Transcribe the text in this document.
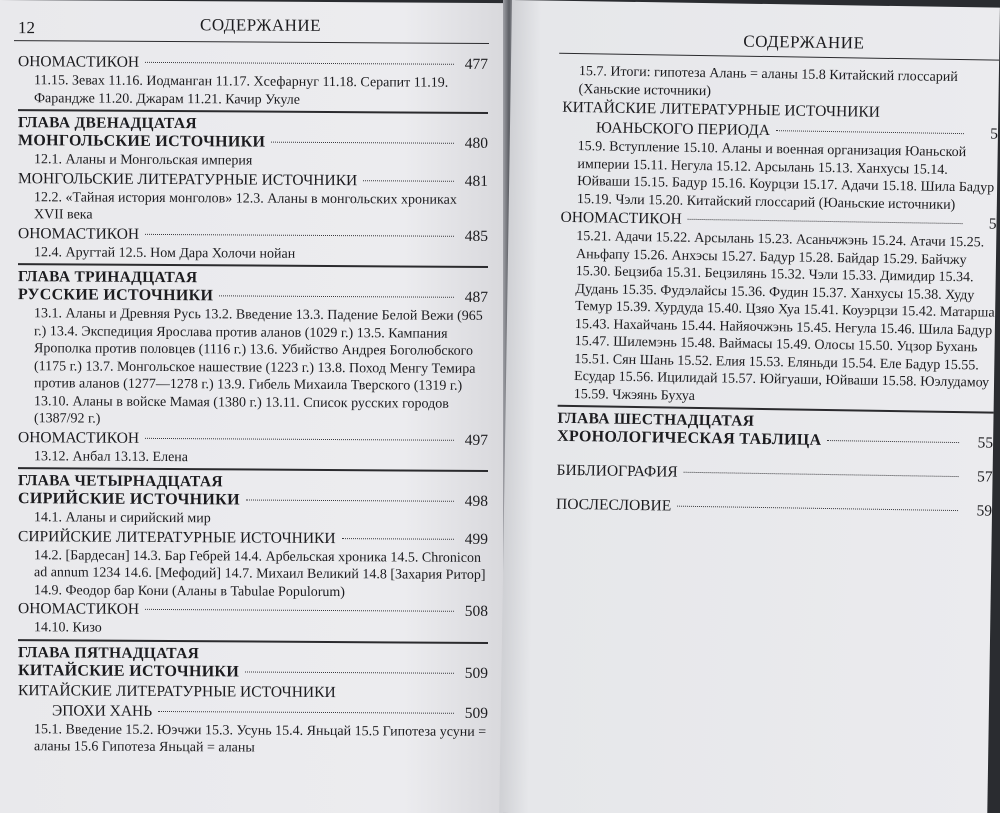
12	СОДЕРЖАНИЕ
ОНОМАСТИКОН	477
11.15. Зевах 11.16. Иодманган 11.17. Хсефарнуг 11.18. Серапит 11.19. Фарандже 11.20. Джарам 11.21. Качир Укуле
ГЛАВА ДВЕНАДЦАТАЯ
МОНГОЛЬСКИЕ ИСТОЧНИКИ	480
12.1. Аланы и Монгольская империя
МОНГОЛЬСКИЕ ЛИТЕРАТУРНЫЕ ИСТОЧНИКИ	481
12.2. «Тайная история монголов» 12.3. Аланы в монгольских хрониках XVII века
ОНОМАСТИКОН	485
12.4. Аругтай 12.5. Ном Дара Холочи нойан
ГЛАВА ТРИНАДЦАТАЯ
РУССКИЕ ИСТОЧНИКИ	487
13.1. Аланы и Древняя Русь 13.2. Введение 13.3. Падение Белой Вежи (965 г.) 13.4. Экспедиция Ярослава против аланов (1029 г.) 13.5. Кампания Ярополка против половцев (1116 г.) 13.6. Убийство Андрея Боголюбского (1175 г.) 13.7. Монгольское нашествие (1223 г.) 13.8. Поход Менгу Темира против аланов (1277—1278 г.) 13.9. Гибель Михаила Тверского (1319 г.) 13.10. Аланы в войске Мамая (1380 г.) 13.11. Список русских городов (1387/92 г.)
ОНОМАСТИКОН	497
13.12. Анбал 13.13. Елена
ГЛАВА ЧЕТЫРНАДЦАТАЯ
СИРИЙСКИЕ ИСТОЧНИКИ	498
14.1. Аланы и сирийский мир
СИРИЙСКИЕ ЛИТЕРАТУРНЫЕ ИСТОЧНИКИ	499
14.2. [Бардесан] 14.3. Бар Гебрей 14.4. Арбельская хроника 14.5. Chronicon ad annum 1234 14.6. [Мефодий] 14.7. Михаил Великий 14.8 [Захария Ритор] 14.9. Феодор бар Кони (Аланы в Tabulae Populorum)
ОНОМАСТИКОН	508
14.10. Кизо
ГЛАВА ПЯТНАДЦАТАЯ
КИТАЙСКИЕ ИСТОЧНИКИ	509
КИТАЙСКИЕ ЛИТЕРАТУРНЫЕ ИСТОЧНИКИ
ЭПОХИ ХАНЬ	509
15.1. Введение 15.2. Юэчжи 15.3. Усунь 15.4. Яньцай 15.5 Гипотеза усуни = аланы 15.6 Гипотеза Яньцай = аланы
СОДЕРЖАНИЕ
15.7. Итоги: гипотеза Алань = аланы 15.8 Китайский глоссарий (Ханьские источники)
КИТАЙСКИЕ ЛИТЕРАТУРНЫЕ ИСТОЧНИКИ
ЮАНЬСКОГО ПЕРИОДА	5
15.9. Вступление 15.10. Аланы и военная организация Юаньской империи 15.11. Негула 15.12. Арсылань 15.13. Ханхусы 15.14. Юйваши 15.15. Бадур 15.16. Коурцзи 15.17. Адачи 15.18. Шила Бадур 15.19. Чэли 15.20. Китайский глоссарий (Юаньские источники)
ОНОМАСТИКОН	5
15.21. Адачи 15.22. Арсылань 15.23. Асаньчжэнь 15.24. Атачи 15.25. Аньфапу 15.26. Анхэсы 15.27. Бадур 15.28. Байдар 15.29. Байчжу 15.30. Бецзиба 15.31. Бецзилянь 15.32. Чэли 15.33. Димидир 15.34. Дудань 15.35. Фудэлайсы 15.36. Фудин 15.37. Ханхусы 15.38. Худу Темур 15.39. Хурдуда 15.40. Цзяо Хуа 15.41. Коуэрцзи 15.42. Матарша 15.43. Нахайчань 15.44. Найяочжэнь 15.45. Негула 15.46. Шила Бадур 15.47. Шилемэнь 15.48. Ваймасы 15.49. Олосы 15.50. Уцзор Бухань 15.51. Сян Шань 15.52. Елия 15.53. Еляньди 15.54. Еле Бадур 15.55. Есудар 15.56. Ицилидай 15.57. Юйгуаши, Юйваши 15.58. Юэлудамоу 15.59. Чжэянь Бухуа
ГЛАВА ШЕСТНАДЦАТАЯ
ХРОНОЛОГИЧЕСКАЯ ТАБЛИЦА	55
БИБЛИОГРАФИЯ	57
ПОСЛЕСЛОВИЕ	59
